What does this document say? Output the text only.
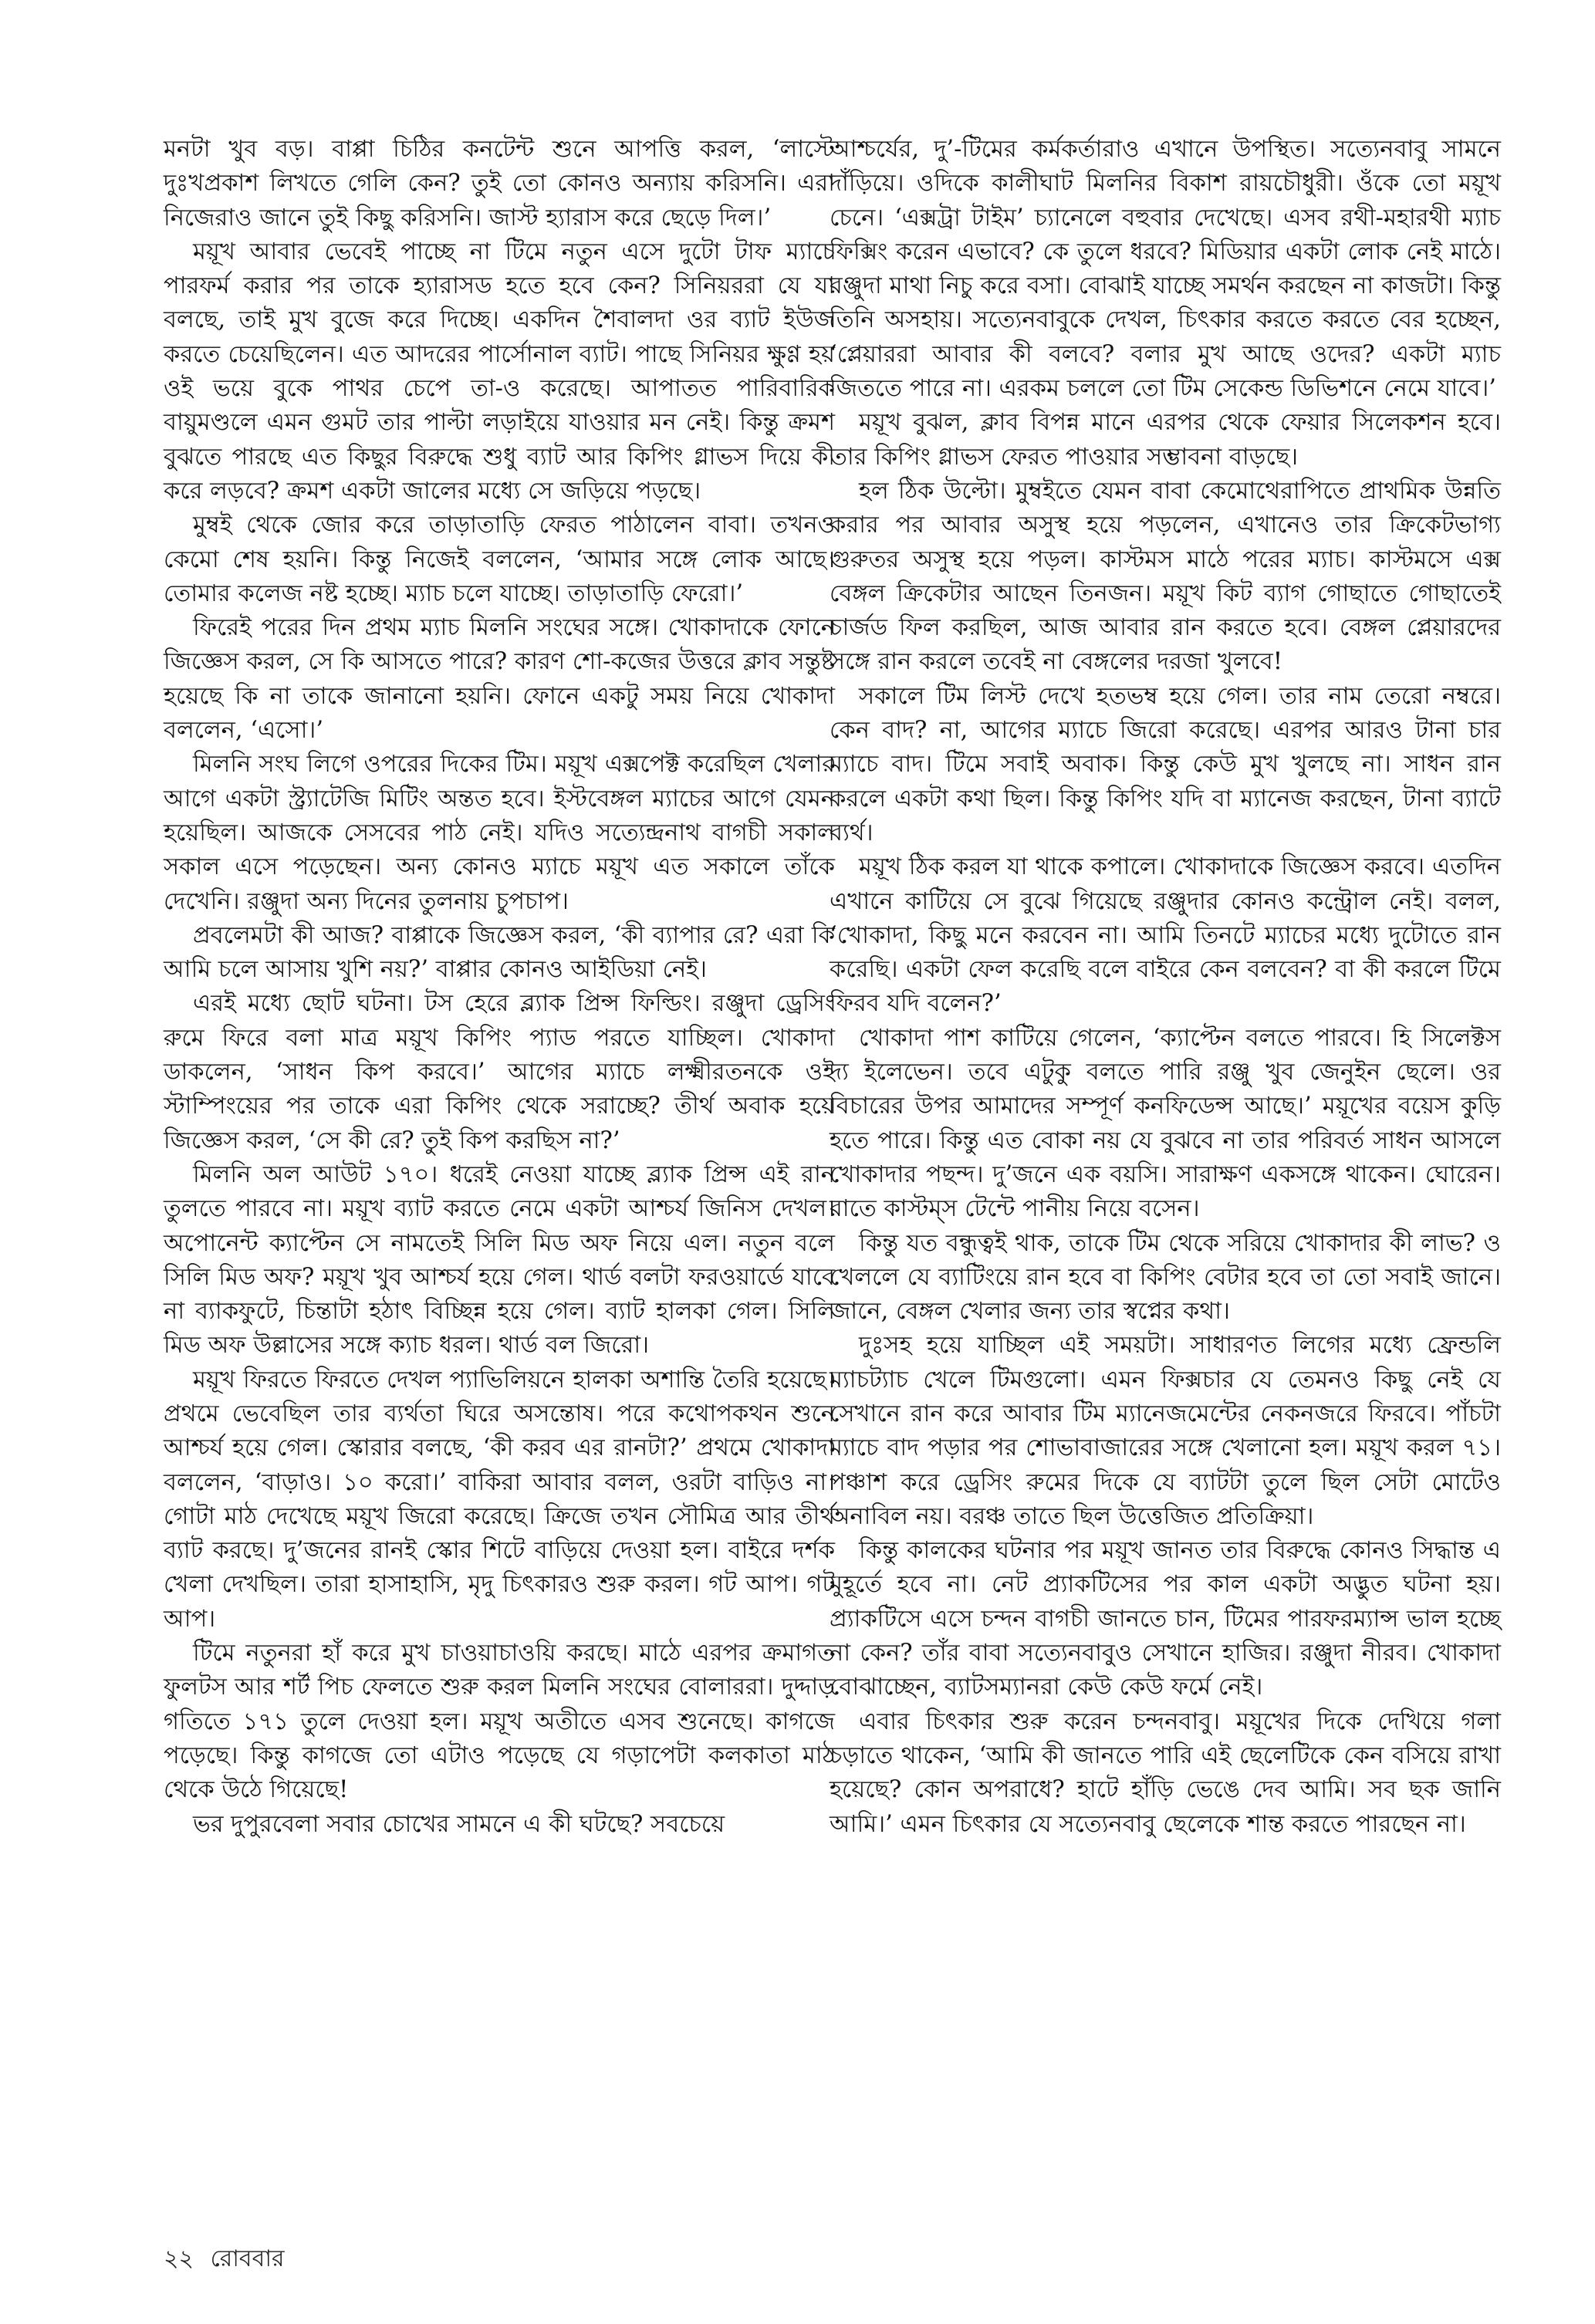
মনটা খুব বড়। বাপ্পা চিঠির কনটেন্ট শুনে আপত্তি করল, ‘লাস্টে দুঃখপ্রকাশ লিখতে গেলি কেন? তুই তো কোনও অন্যায় করিসনি। এরা নিজেরাও জানে তুই কিছু করিসনি। জাস্ট হ্যারাস করে ছেড়ে দিল।’

ময়ূখ আবার ভেবেই পাচ্ছে না টিমে নতুন এসে দুটো টাফ ম্যাচে পারফর্ম করার পর তাকে হ্যারাসড হতে হবে কেন? সিনিয়ররা যে যা বলছে, তাই মুখ বুজে করে দিচ্ছে। একদিন শৈবালদা ওর ব্যাট ইউজ করতে চেয়েছিলেন। এত আদরের পার্সোনাল ব্যাট। পাছে সিনিয়র ক্ষুণ্ণ হয় ওই ভয়ে বুকে পাথর চেপে তা-ও করেছে। আপাতত পারিবারিক বায়ুমণ্ডলে এমন গুমট তার পাল্টা লড়াইয়ে যাওয়ার মন নেই। কিন্তু ক্রমশ বুঝতে পারছে এত কিছুর বিরুদ্ধে শুধু ব্যাট আর কিপিং গ্লাভস দিয়ে কী করে লড়বে? ক্রমশ একটা জালের মধ্যে সে জড়িয়ে পড়ছে।

মুম্বই থেকে জোর করে তাড়াতাড়ি ফেরত পাঠালেন বাবা। তখনও কেমো শেষ হয়নি। কিন্তু নিজেই বললেন, ‘আমার সঙ্গে লোক আছে। তোমার কলেজ নষ্ট হচ্ছে। ম্যাচ চলে যাচ্ছে। তাড়াতাড়ি ফেরো।’

ফিরেই পরের দিন প্রথম ম্যাচ মিলনি সংঘের সঙ্গে। খোকাদাকে ফোনে জিজ্ঞেস করল, সে কি আসতে পারে? কারণ শো-কজের উত্তরে ক্লাব সন্তুষ্ট হয়েছে কি না তাকে জানানো হয়নি। ফোনে একটু সময় নিয়ে খোকাদা বললেন, ‘এসো।’

মিলনি সংঘ লিগে ওপরের দিকের টিম। ময়ূখ এক্সপেক্ট করেছিল খেলার আগে একটা স্ট্র্যাটেজি মিটিং অন্তত হবে। ইস্টবেঙ্গল ম্যাচের আগে যেমন হয়েছিল। আজকে সেসবের পাঠ নেই। যদিও সত্যেন্দ্রনাথ বাগচী সকাল সকাল এসে পড়েছেন। অন্য কোনও ম্যাচে ময়ূখ এত সকালে তাঁকে দেখেনি। রঞ্জুদা অন্য দিনের তুলনায় চুপচাপ।

প্রবলেমটা কী আজ? বাপ্পাকে জিজ্ঞেস করল, ‘কী ব্যাপার রে? এরা কি আমি চলে আসায় খুশি নয়?’ বাপ্পার কোনও আইডিয়া নেই।

এরই মধ্যে ছোট ঘটনা। টস হেরে ব্ল্যাক প্রিন্স ফিল্ডিং। রঞ্জুদা ড্রেসিং রুমে ফিরে বলা মাত্র ময়ূখ কিপিং প্যাড পরতে যাচ্ছিল। খোকাদা ডাকলেন, ‘সাধন কিপ করবে।’ আগের ম্যাচে লক্ষ্মীরতনকে ওই স্টাম্পিংয়ের পর তাকে এরা কিপিং থেকে সরাচ্ছে? তীর্থ অবাক হয়ে জিজ্ঞেস করল, ‘সে কী রে? তুই কিপ করছিস না?’

মিলনি অল আউট ১৭০। ধরেই নেওয়া যাচ্ছে ব্ল্যাক প্রিন্স এই রান তুলতে পারবে না। ময়ূখ ব্যাট করতে নেমে একটা আশ্চর্য জিনিস দেখল। অপোনেন্ট ক্যাপ্টেন সে নামতেই সিলি মিড অফ নিয়ে এল। নতুন বলে সিলি মিড অফ? ময়ূখ খুব আশ্চর্য হয়ে গেল। থার্ড বলটা ফরওয়ার্ডে যাবে না ব্যাকফুটে, চিন্তাটা হঠাৎ বিচ্ছিন্ন হয়ে গেল। ব্যাট হালকা গেল। সিলি মিড অফ উল্লাসের সঙ্গে ক্যাচ ধরল। থার্ড বল জিরো।

ময়ূখ ফিরতে ফিরতে দেখল প্যাভিলিয়নে হালকা অশান্তি তৈরি হয়েছে। প্রথমে ভেবেছিল তার ব্যর্থতা ঘিরে অসন্তোষ। পরে কথোপকথন শুনে আশ্চর্য হয়ে গেল। স্কোরার বলছে, ‘কী করব এর রানটা?’ প্রথমে খোকাদা বললেন, ‘বাড়াও। ১০ করো।’ বাকিরা আবার বলল, ওরটা বাড়িও না। গোটা মাঠ দেখেছে ময়ূখ জিরো করেছে। ক্রিজে তখন সৌমিত্র আর তীর্থ ব্যাট করছে। দু’জনের রানই স্কোর শিটে বাড়িয়ে দেওয়া হল। বাইরে দর্শক খেলা দেখছিল। তারা হাসাহাসি, মৃদু চিৎকারও শুরু করল। গট আপ। গট আপ।

টিমে নতুনরা হাঁ করে মুখ চাওয়াচাওয়ি করছে। মাঠে এরপর ক্রমাগত ফুলটস আর শর্ট পিচ ফেলতে শুরু করল মিলনি সংঘের বোলাররা। দুদ্দাড় গতিতে ১৭১ তুলে দেওয়া হল। ময়ূখ অতীতে এসব শুনেছে। কাগজে পড়েছে। কিন্তু কাগজে তো এটাও পড়েছে যে গড়াপেটা কলকাতা মাঠ থেকে উঠে গিয়েছে!

ভর দুপুরবেলা সবার চোখের সামনে এ কী ঘটছে? সবচেয়ে

আশ্চর্যের, দু’-টিমের কর্মকর্তারাও এখানে উপস্থিত। সত্যেনবাবু সামনে দাঁড়িয়ে। ওদিকে কালীঘাট মিলনির বিকাশ রায়চৌধুরী। ওঁকে তো ময়ূখ চেনে। ‘এক্সট্রা টাইম’ চ্যানেলে বহুবার দেখেছে। এসব রথী-মহারথী ম্যাচ ফিক্সিং করেন এভাবে? কে তুলে ধরবে? মিডিয়ার একটা লোক নেই মাঠে। রঞ্জুদা মাথা নিচু করে বসা। বোঝাই যাচ্ছে সমর্থন করছেন না কাজটা। কিন্তু তিনি অসহায়। সত্যেনবাবুকে দেখল, চিৎকার করতে করতে বের হচ্ছেন, ‘প্লেয়াররা আবার কী বলবে? বলার মুখ আছে ওদের? একটা ম্যাচ জিততে পারে না। এরকম চললে তো টিম সেকেন্ড ডিভিশনে নেমে যাবে।’

ময়ূখ বুঝল, ক্লাব বিপন্ন মানে এরপর থেকে ফেয়ার সিলেকশন হবে। তার কিপিং গ্লাভস ফেরত পাওয়ার সম্ভাবনা বাড়ছে।

হল ঠিক উল্টো। মুম্বইতে যেমন বাবা কেমোথেরাপিতে প্রাথমিক উন্নতি করার পর আবার অসুস্থ হয়ে পড়লেন, এখানেও তার ক্রিকেটভাগ্য গুরুতর অসুস্থ হয়ে পড়ল। কাস্টমস মাঠে পরের ম্যাচ। কাস্টমসে এক্স বেঙ্গল ক্রিকেটার আছেন তিনজন। ময়ূখ কিট ব্যাগ গোছাতে গোছাতেই চার্জড ফিল করছিল, আজ আবার রান করতে হবে। বেঙ্গল প্লেয়ারদের সঙ্গে রান করলে তবেই না বেঙ্গলের দরজা খুলবে!

সকালে টিম লিস্ট দেখে হতভম্ব হয়ে গেল। তার নাম তেরো নম্বরে। কেন বাদ? না, আগের ম্যাচে জিরো করেছে। এরপর আরও টানা চার ম্যাচে বাদ। টিমে সবাই অবাক। কিন্তু কেউ মুখ খুলছে না। সাধন রান করলে একটা কথা ছিল। কিন্তু কিপিং যদি বা ম্যানেজ করছেন, টানা ব্যাটে ব্যর্থ।

ময়ূখ ঠিক করল যা থাকে কপালে। খোকাদাকে জিজ্ঞেস করবে। এতদিন এখানে কাটিয়ে সে বুঝে গিয়েছে রঞ্জুদার কোনও কন্ট্রোল নেই। বলল, ‘খোকাদা, কিছু মনে করবেন না। আমি তিনটে ম্যাচের মধ্যে দুটোতে রান করেছি। একটা ফেল করেছি বলে বাইরে কেন বলবেন? বা কী করলে টিমে ফিরব যদি বলেন?’

খোকাদা পাশ কাটিয়ে গেলেন, ‘ক্যাপ্টেন বলতে পারবে। হি সিলেক্টস দ্য ইলেভেন। তবে এটুকু বলতে পারি রঞ্জু খুব জেনুইন ছেলে। ওর বিচারের উপর আমাদের সম্পূর্ণ কনফিডেন্স আছে।’ ময়ূখের বয়েস কুড়ি হতে পারে। কিন্তু এত বোকা নয় যে বুঝবে না তার পরিবর্ত সাধন আসলে খোকাদার পছন্দ। দু’জনে এক বয়সি। সারাক্ষণ একসঙ্গে থাকেন। ঘোরেন। রাতে কাস্টম্স টেন্টে পানীয় নিয়ে বসেন।

কিন্তু যত বন্ধুত্বই থাক, তাকে টিম থেকে সরিয়ে খোকাদার কী লাভ? ও খেললে যে ব্যাটিংয়ে রান হবে বা কিপিং বেটার হবে তা তো সবাই জানে। জানে, বেঙ্গল খেলার জন্য তার স্বপ্নের কথা।

দুঃসহ হয়ে যাচ্ছিল এই সময়টা। সাধারণত লিগের মধ্যে ফ্রেন্ডলি ম্যাচট্যাচ খেলে টিমগুলো। এমন ফিক্সচার যে তেমনও কিছু নেই যে সেখানে রান করে আবার টিম ম্যানেজমেন্টের নেকনজরে ফিরবে। পাঁচটা ম্যাচে বাদ পড়ার পর শোভাবাজারের সঙ্গে খেলানো হল। ময়ূখ করল ৭১। পঞ্চাশ করে ড্রেসিং রুমের দিকে যে ব্যাটটা তুলে ছিল সেটা মোটেও অনাবিল নয়। বরঞ্চ তাতে ছিল উত্তেজিত প্রতিক্রিয়া।

কিন্তু কালকের ঘটনার পর ময়ূখ জানত তার বিরুদ্ধে কোনও সিদ্ধান্ত এ মুহূর্তে হবে না। নেট প্র্যাকটিসের পর কাল একটা অদ্ভুত ঘটনা হয়। প্র্যাকটিসে এসে চন্দন বাগচী জানতে চান, টিমের পারফরম্যান্স ভাল হচ্ছে না কেন? তাঁর বাবা সত্যেনবাবুও সেখানে হাজির। রঞ্জুদা নীরব। খোকাদা বোঝাচ্ছেন, ব্যাটসম্যানরা কেউ কেউ ফর্মে নেই।

এবার চিৎকার শুরু করেন চন্দনবাবু। ময়ূখের দিকে দেখিয়ে গলা চড়াতে থাকেন, ‘আমি কী জানতে পারি এই ছেলেটিকে কেন বসিয়ে রাখা হয়েছে? কোন অপরাধে? হাটে হাঁড়ি ভেঙে দেব আমি। সব ছক জানি আমি।’ এমন চিৎকার যে সত্যেনবাবু ছেলেকে শান্ত করতে পারছেন না।

২২ রোববার
